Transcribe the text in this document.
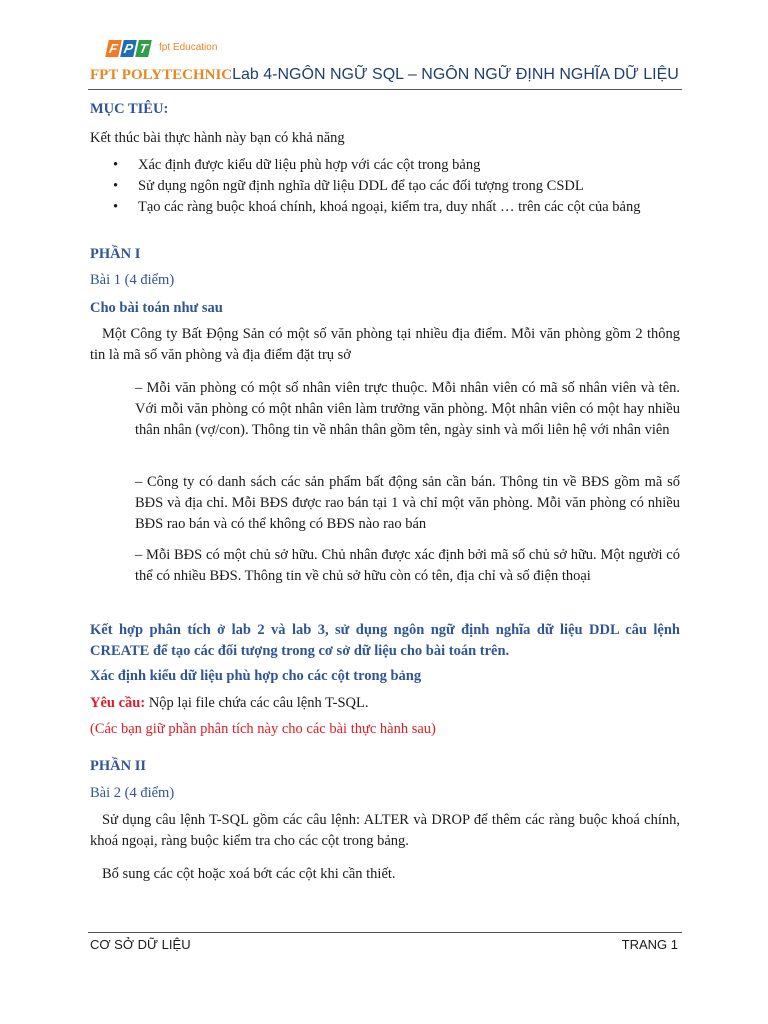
F P T fpt Education
FPT POLYTECHNICLab 4-NGÔN NGỮ SQL – NGÔN NGỮ ĐỊNH NGHĨA DỮ LIỆU
MỤC TIÊU:
Kết thúc bài thực hành này bạn có khả năng
• Xác định được kiểu dữ liệu phù hợp với các cột trong bảng
• Sử dụng ngôn ngữ định nghĩa dữ liệu DDL để tạo các đối tượng trong CSDL
• Tạo các ràng buộc khoá chính, khoá ngoại, kiểm tra, duy nhất … trên các cột của bảng
PHẦN I
Bài 1 (4 điểm)
Cho bài toán như sau
Một Công ty Bất Động Sản có một số văn phòng tại nhiều địa điểm. Mỗi văn phòng gồm 2 thông tin là mã số văn phòng và địa điểm đặt trụ sở
– Mỗi văn phòng có một số nhân viên trực thuộc. Mỗi nhân viên có mã số nhân viên và tên. Với mỗi văn phòng có một nhân viên làm trưởng văn phòng. Một nhân viên có một hay nhiều thân nhân (vợ/con). Thông tin về nhân thân gồm tên, ngày sinh và mối liên hệ với nhân viên
– Công ty có danh sách các sản phẩm bất động sản cần bán. Thông tin về BĐS gồm mã số BĐS và địa chỉ. Mỗi BĐS được rao bán tại 1 và chỉ một văn phòng. Mỗi văn phòng có nhiều BĐS rao bán và có thể không có BĐS nào rao bán
– Mỗi BĐS có một chủ sở hữu. Chủ nhân được xác định bởi mã số chủ sở hữu. Một người có thể có nhiều BĐS. Thông tin về chủ sở hữu còn có tên, địa chỉ và số điện thoại
Kết hợp phân tích ở lab 2 và lab 3, sử dụng ngôn ngữ định nghĩa dữ liệu DDL câu lệnh CREATE để tạo các đối tượng trong cơ sở dữ liệu cho bài toán trên.
Xác định kiểu dữ liệu phù hợp cho các cột trong bảng
Yêu cầu: Nộp lại file chứa các câu lệnh T-SQL.
(Các bạn giữ phần phân tích này cho các bài thực hành sau)
PHẦN II
Bài 2 (4 điểm)
Sử dụng câu lệnh T-SQL gồm các câu lệnh: ALTER và DROP để thêm các ràng buộc khoá chính, khoá ngoại, ràng buộc kiểm tra cho các cột trong bảng.
Bổ sung các cột hoặc xoá bớt các cột khi cần thiết.
CƠ SỞ DỮ LIỆU	TRANG 1
